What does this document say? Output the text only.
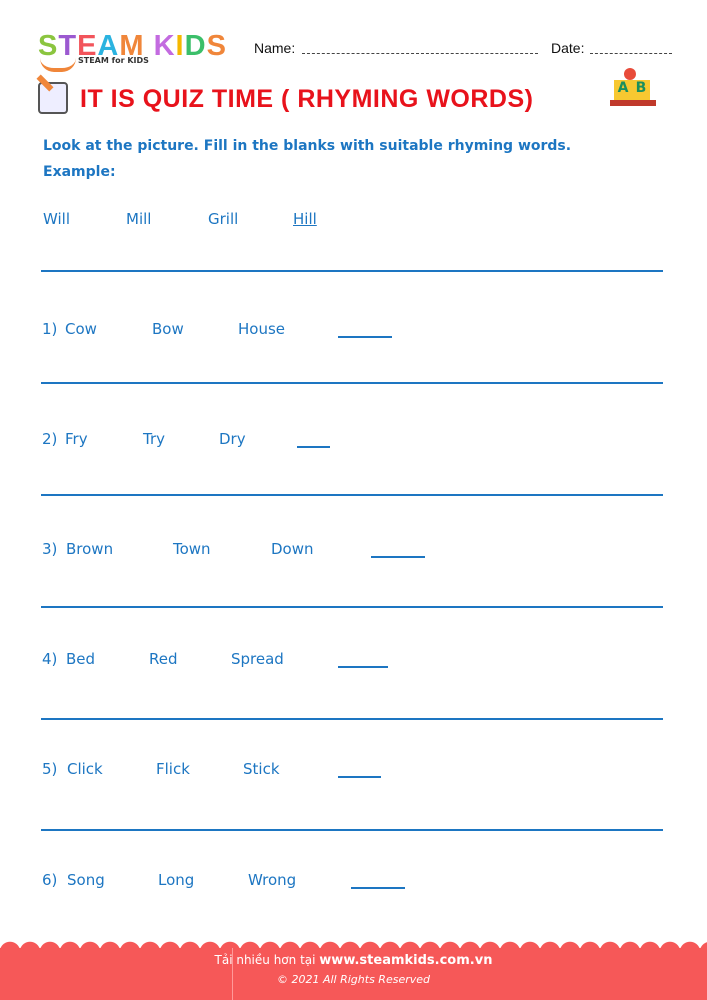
STEAM KIDS
STEAM for KIDS
Name:	Date:
IT IS QUIZ TIME ( RHYMING WORDS)	A B
Look at the picture. Fill in the blanks with suitable rhyming words.
Example:
Will	Mill	Grill	Hill
1) Cow	Bow	House
2) Fry	Try	Dry
3) Brown	Town	Down
4) Bed	Red	Spread
5) Click	Flick	Stick
6) Song	Long	Wrong
Tải nhiều hơn tại www.steamkids.com.vn
© 2021 All Rights Reserved
